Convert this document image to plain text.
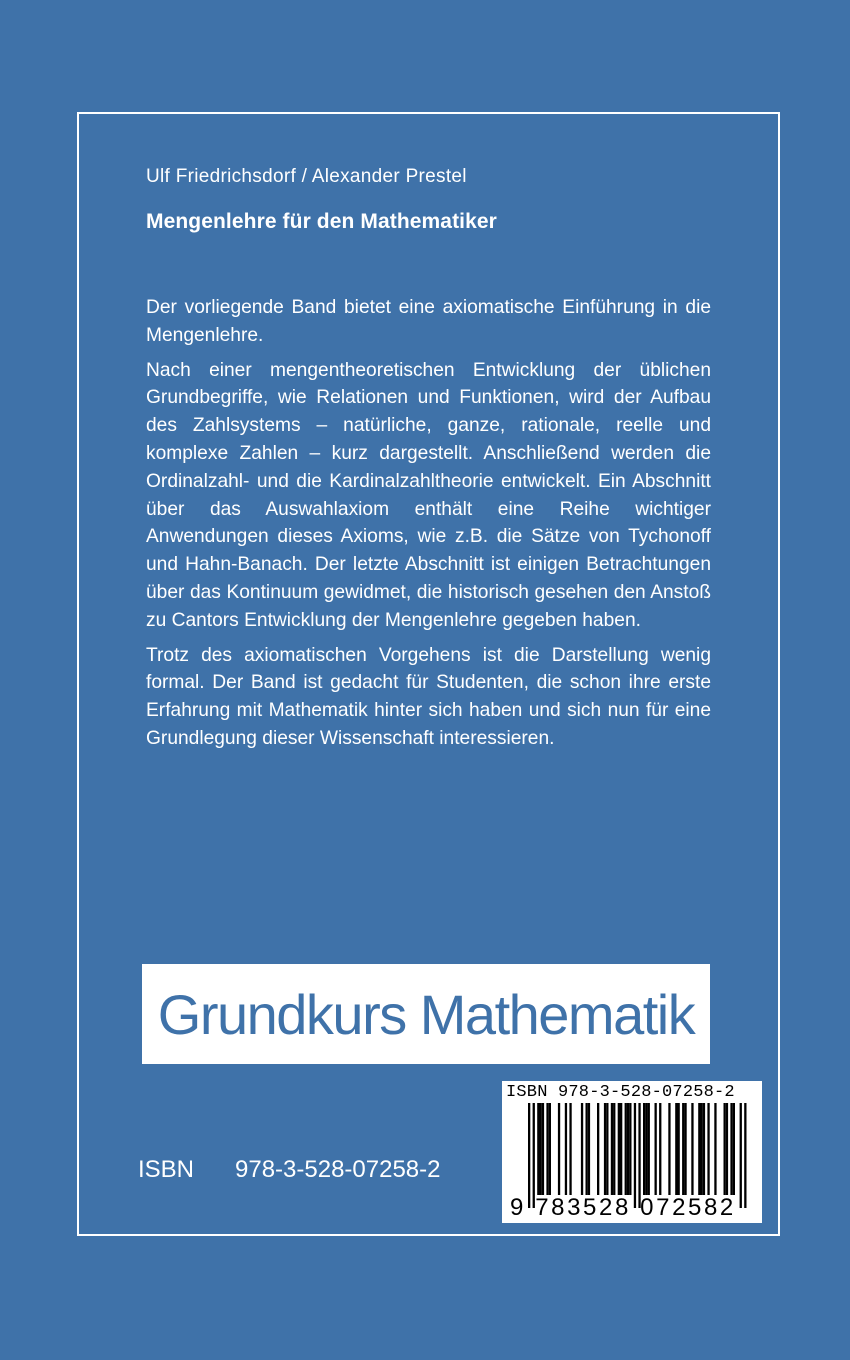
Ulf Friedrichsdorf / Alexander Prestel
Mengenlehre für den Mathematiker

Der vorliegende Band bietet eine axiomatische Einführung in die Mengenlehre.

Nach einer mengentheoretischen Entwicklung der üblichen Grundbegriffe, wie Relationen und Funktionen, wird der Aufbau des Zahlsystems – natürliche, ganze, rationale, reelle und komplexe Zahlen – kurz dargestellt. Anschließend werden die Ordinalzahl- und die Kardinalzahltheorie entwickelt. Ein Abschnitt über das Auswahlaxiom enthält eine Reihe wichtiger Anwendungen dieses Axioms, wie z.B. die Sätze von Tychonoff und Hahn-Banach. Der letzte Abschnitt ist einigen Betrachtungen über das Kontinuum gewidmet, die historisch gesehen den Anstoß zu Cantors Entwicklung der Mengenlehre gegeben haben.

Trotz des axiomatischen Vorgehens ist die Darstellung wenig formal. Der Band ist gedacht für Studenten, die schon ihre erste Erfahrung mit Mathematik hinter sich haben und sich nun für eine Grundlegung dieser Wissenschaft interessieren.

Grundkurs Mathematik
ISBN 978-3-528-07258-2
ISBN 978-3-528-07258-2
9 783528 072582
